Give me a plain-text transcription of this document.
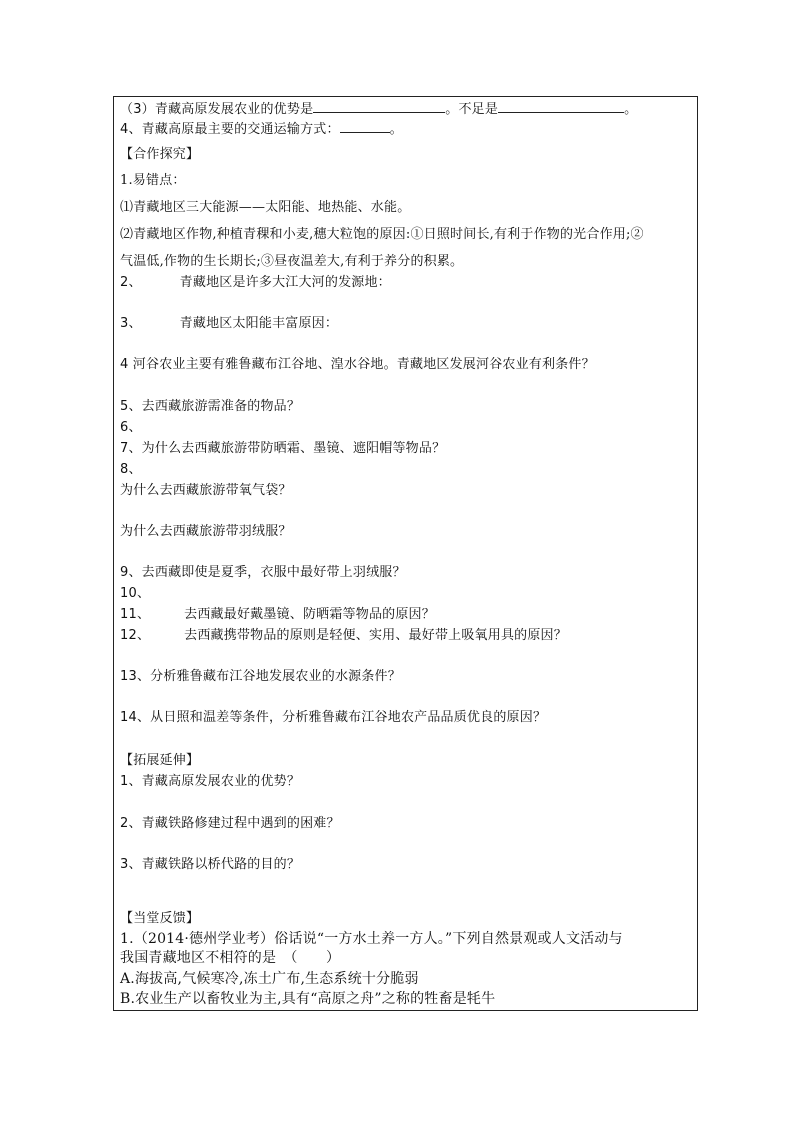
（3）青藏高原发展农业的优势是	。不足是	。
4、青藏高原最主要的交通运输方式：	。
【合作探究】
1.易错点：
⑴青藏地区三大能源——太阳能、地热能、水能。
⑵青藏地区作物,种植青稞和小麦,穗大粒饱的原因:①日照时间长,有利于作物的光合作用;②
气温低,作物的生长期长;③昼夜温差大,有利于养分的积累。
2、	青藏地区是许多大江大河的发源地：
3、	青藏地区太阳能丰富原因：
4 河谷农业主要有雅鲁藏布江谷地、湟水谷地。青藏地区发展河谷农业有利条件？
5、去西藏旅游需准备的物品？
6、
7、为什么去西藏旅游带防晒霜、墨镜、遮阳帽等物品？
8、
为什么去西藏旅游带氧气袋？
为什么去西藏旅游带羽绒服？
9、去西藏即使是夏季，衣服中最好带上羽绒服？
10、
11、	去西藏最好戴墨镜、防晒霜等物品的原因？
12、	去西藏携带物品的原则是轻便、实用、最好带上吸氧用具的原因？
13、分析雅鲁藏布江谷地发展农业的水源条件？
14、从日照和温差等条件，分析雅鲁藏布江谷地农产品品质优良的原因？
【拓展延伸】
1、青藏高原发展农业的优势？
2、青藏铁路修建过程中遇到的困难？
3、青藏铁路以桥代路的目的？
【当堂反馈】
1.（2014·德州学业考）俗话说“一方水土养一方人。”下列自然景观或人文活动与
我国青藏地区不相符的是　（　　）
A.海拔高,气候寒冷,冻土广布,生态系统十分脆弱
B.农业生产以畜牧业为主,具有“高原之舟”之称的牲畜是牦牛
